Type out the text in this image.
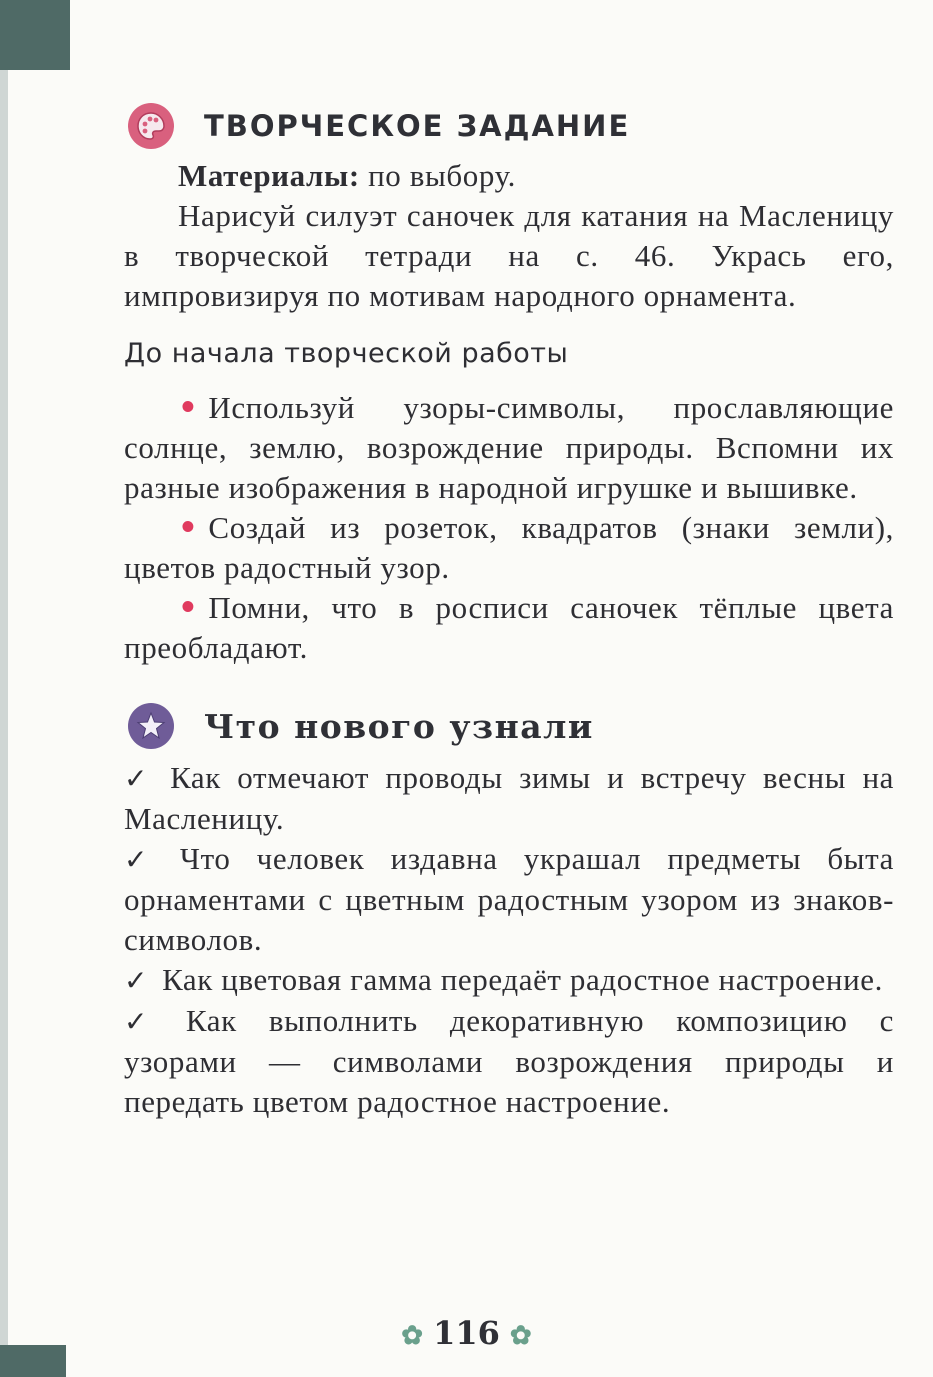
ТВОРЧЕСКОЕ ЗАДАНИЕ

Материалы: по выбору.

Нарисуй силуэт саночек для катания на Масленицу в творческой тетради на с. 46. Укрась его, импровизируя по мотивам народного орнамента.

До начала творческой работы

• Используй узоры-символы, прославляющие солнце, землю, возрождение природы. Вспомни их разные изображения в народной игрушке и вышивке.

• Создай из розеток, квадратов (знаки земли), цветов радостный узор.

• Помни, что в росписи саночек тёплые цвета преобладают.

Что нового узнали

✓ Как отмечают проводы зимы и встречу весны на Масленицу.

✓ Что человек издавна украшал предметы быта орнаментами с цветным радостным узором из знаков-символов.

✓ Как цветовая гамма передаёт радостное настроение.

✓ Как выполнить декоративную композицию с узорами — символами возрождения природы и передать цветом радостное настроение.

✿ 116 ✿
